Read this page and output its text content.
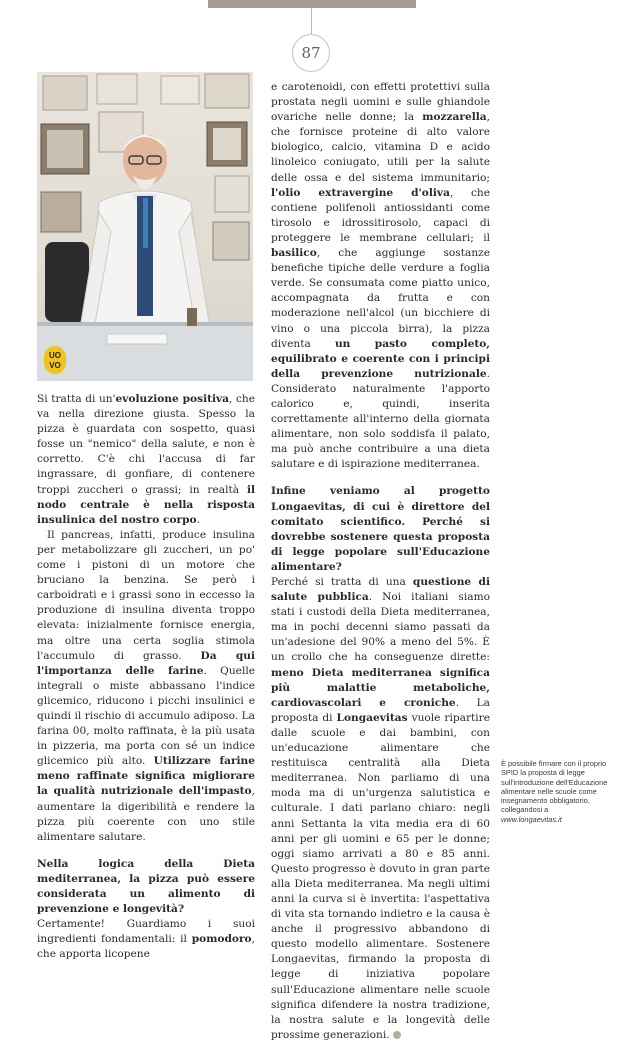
87
UO
VO

Si tratta di un'evoluzione positiva, che va nella direzione giusta. Spesso la pizza è guardata con sospetto, quasi fosse un "nemico" della salute, e non è corretto. C'è chi l'accusa di far ingrassare, di gonfiare, di contenere troppi zuccheri o grassi; in realtà il nodo centrale è nella risposta insulinica del nostro corpo.

Il pancreas, infatti, produce insulina per metabolizzare gli zuccheri, un po' come i pistoni di un motore che bruciano la benzina. Se però i carboidrati e i grassi sono in eccesso la produzione di insulina diventa troppo elevata: inizialmente fornisce energia, ma oltre una certa soglia stimola l'accumulo di grasso. Da qui l'importanza delle farine. Quelle integrali o miste abbassano l'indice glicemico, riducono i picchi insulinici e quindi il rischio di accumulo adiposo. La farina 00, molto raffinata, è la più usata in pizzeria, ma porta con sé un indice glicemico più alto. Utilizzare farine meno raffinate significa migliorare la qualità nutrizionale dell'impasto, aumentare la digeribilità e rendere la pizza più coerente con uno stile alimentare salutare.

Nella logica della Dieta mediterranea, la pizza può essere considerata un alimento di prevenzione e longevità?

Certamente! Guardiamo i suoi ingredienti fondamentali: il pomodoro, che apporta licopene

e carotenoidi, con effetti protettivi sulla prostata negli uomini e sulle ghiandole ovariche nelle donne; la mozzarella, che fornisce proteine di alto valore biologico, calcio, vitamina D e acido linoleico coniugato, utili per la salute delle ossa e del sistema immunitario; l'olio extravergine d'oliva, che contiene polifenoli antiossidanti come tirosolo e idrossitirosolo, capaci di proteggere le membrane cellulari; il basilico, che aggiunge sostanze benefiche tipiche delle verdure a foglia verde. Se consumata come piatto unico, accompagnata da frutta e con moderazione nell'alcol (un bicchiere di vino o una piccola birra), la pizza diventa un pasto completo, equilibrato e coerente con i principi della prevenzione nutrizionale. Considerato naturalmente l'apporto calorico e, quindi, inserita correttamente all'interno della giornata alimentare, non solo soddisfa il palato, ma può anche contribuire a una dieta salutare e di ispirazione mediterranea.

Infine veniamo al progetto Longaevitas, di cui è direttore del comitato scientifico. Perché si dovrebbe sostenere questa proposta di legge popolare sull'Educazione alimentare?

Perché si tratta di una questione di salute pubblica. Noi italiani siamo stati i custodi della Dieta mediterranea, ma in pochi decenni siamo passati da un'adesione del 90% a meno del 5%. È un crollo che ha conseguenze dirette: meno Dieta mediterranea significa più malattie metaboliche, cardiovascolari e croniche. La proposta di Longaevitas vuole ripartire dalle scuole e dai bambini, con un'educazione alimentare che restituisca centralità alla Dieta mediterranea. Non parliamo di una moda ma di un'urgenza salutistica e culturale. I dati parlano chiaro: negli anni Settanta la vita media era di 60 anni per gli uomini e 65 per le donne; oggi siamo arrivati a 80 e 85 anni. Questo progresso è dovuto in gran parte alla Dieta mediterranea. Ma negli ultimi anni la curva si è invertita: l'aspettativa di vita sta tornando indietro e la causa è anche il progressivo abbandono di questo modello alimentare. Sostenere Longaevitas, firmando la proposta di legge di iniziativa popolare sull'Educazione alimentare nelle scuole significa difendere la nostra tradizione, la nostra salute e la longevità delle prossime generazioni.

È possibile firmare con il proprio SPID la proposta di legge sull'introduzione dell'Educazione alimentare nelle scuole come insegnamento obbligatorio, collegandosi a www.longaevitas.it
